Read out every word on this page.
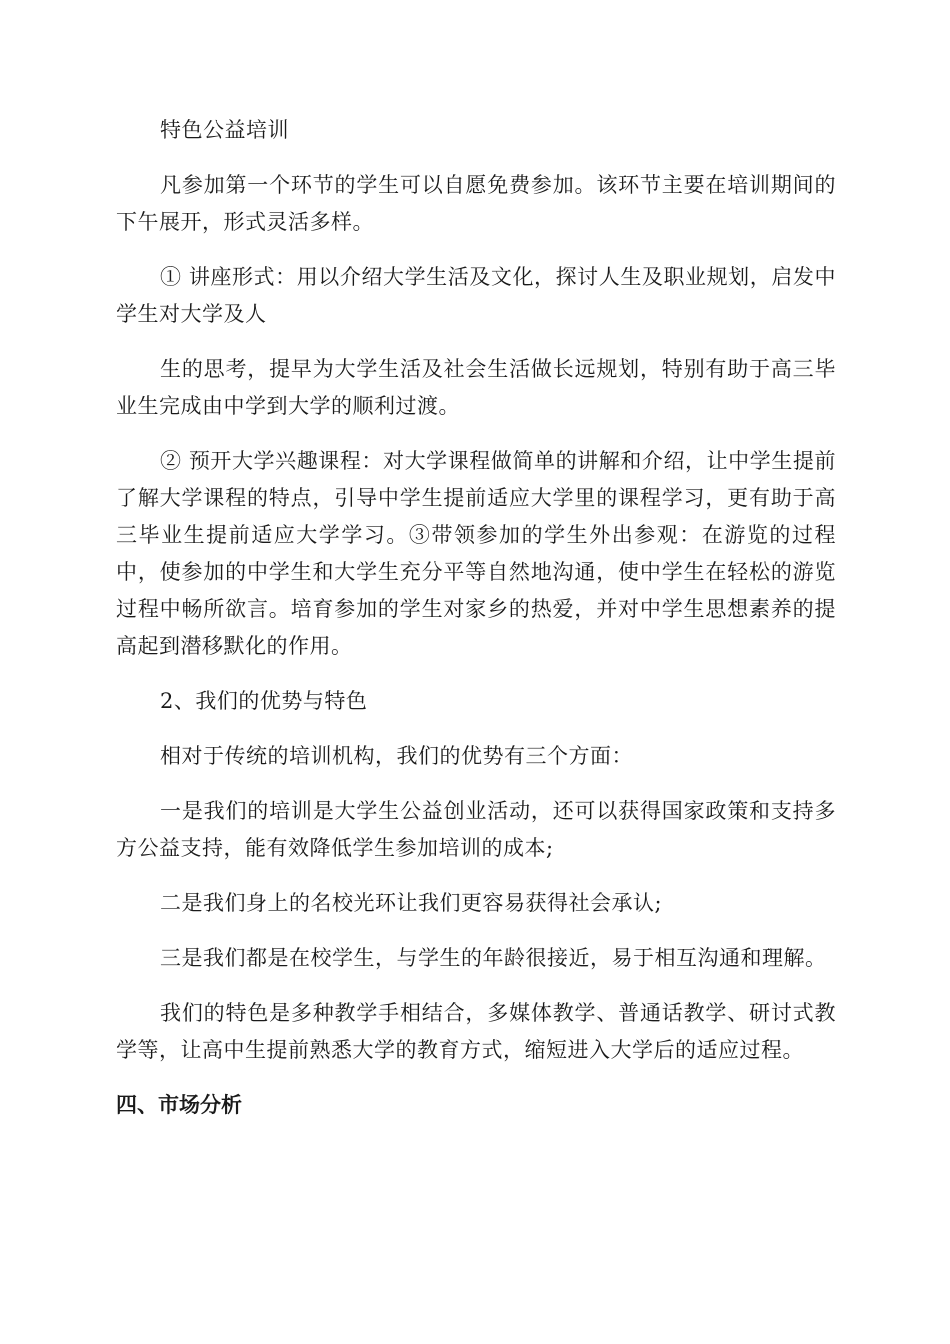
特色公益培训

凡参加第一个环节的学生可以自愿免费参加。该环节主要在培训期间的下午展开，形式灵活多样。

① 讲座形式：用以介绍大学生活及文化，探讨人生及职业规划，启发中学生对大学及人

生的思考，提早为大学生活及社会生活做长远规划，特别有助于高三毕业生完成由中学到大学的顺利过渡。

② 预开大学兴趣课程：对大学课程做简单的讲解和介绍，让中学生提前了解大学课程的特点，引导中学生提前适应大学里的课程学习，更有助于高三毕业生提前适应大学学习。③带领参加的学生外出参观：在游览的过程中，使参加的中学生和大学生充分平等自然地沟通，使中学生在轻松的游览过程中畅所欲言。培育参加的学生对家乡的热爱，并对中学生思想素养的提高起到潜移默化的作用。

2、我们的优势与特色

相对于传统的培训机构，我们的优势有三个方面：

一是我们的培训是大学生公益创业活动，还可以获得国家政策和支持多方公益支持，能有效降低学生参加培训的成本;

二是我们身上的名校光环让我们更容易获得社会承认;

三是我们都是在校学生，与学生的年龄很接近，易于相互沟通和理解。

我们的特色是多种教学手相结合，多媒体教学、普通话教学、研讨式教学等，让高中生提前熟悉大学的教育方式，缩短进入大学后的适应过程。

四、市场分析
